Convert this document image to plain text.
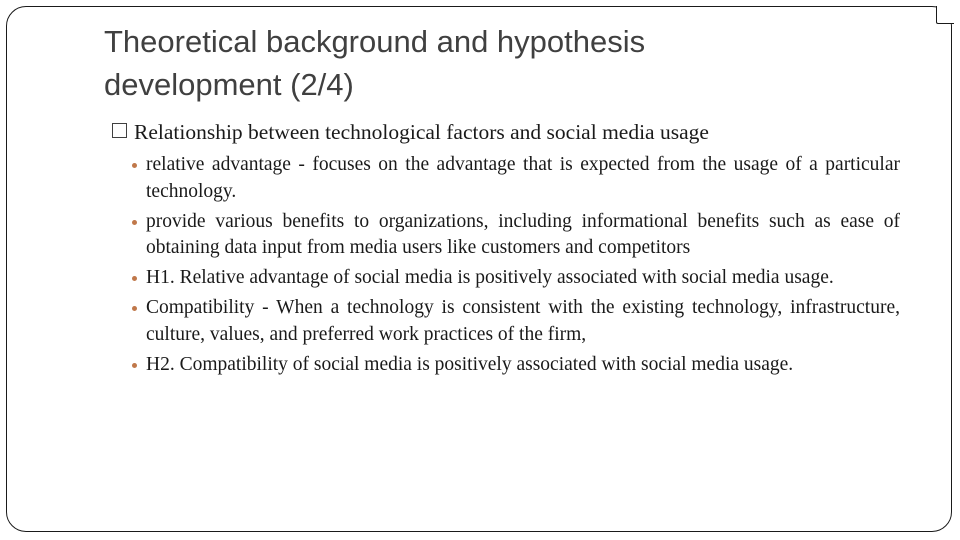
Theoretical background and hypothesis
development (2/4)
Relationship between technological factors and social media usage
relative advantage - focuses on the advantage that is expected from the usage of a particular technology.
provide various benefits to organizations, including informational benefits such as ease of obtaining data input from media users like customers and competitors
H1. Relative advantage of social media is positively associated with social media usage.
Compatibility - When a technology is consistent with the existing technology, infrastructure, culture, values, and preferred work practices of the firm,
H2. Compatibility of social media is positively associated with social media usage.
